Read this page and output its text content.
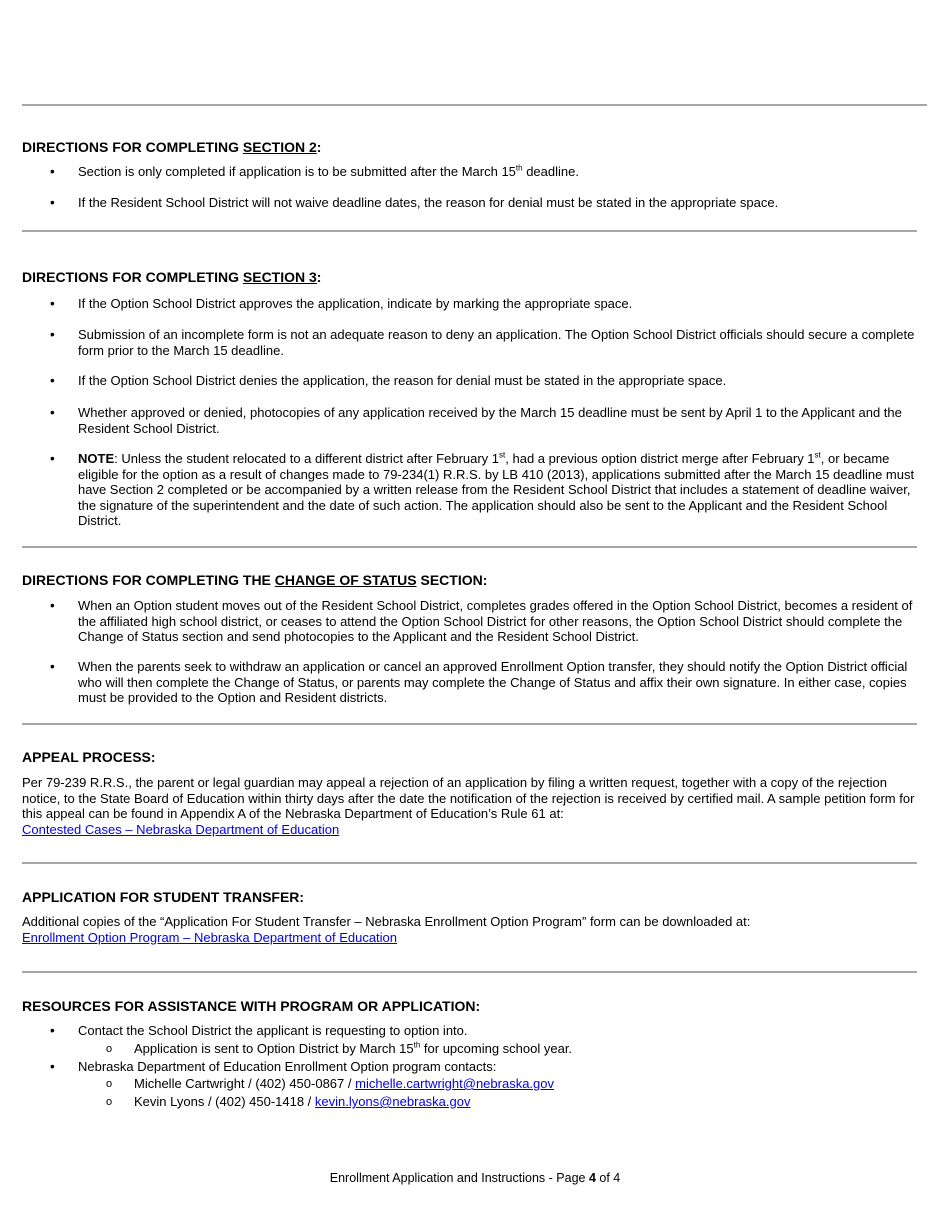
DIRECTIONS FOR COMPLETING SECTION 2:
•	Section is only completed if application is to be submitted after the March 15th deadline.
•	If the Resident School District will not waive deadline dates, the reason for denial must be stated in the appropriate space.
DIRECTIONS FOR COMPLETING SECTION 3:
•	If the Option School District approves the application, indicate by marking the appropriate space.
•	Submission of an incomplete form is not an adequate reason to deny an application. The Option School District officials should secure a complete form prior to the March 15 deadline.
•	If the Option School District denies the application, the reason for denial must be stated in the appropriate space.
•	Whether approved or denied, photocopies of any application received by the March 15 deadline must be sent by April 1 to the Applicant and the Resident School District.
•	NOTE: Unless the student relocated to a different district after February 1st, had a previous option district merge after February 1st, or became eligible for the option as a result of changes made to 79-234(1) R.R.S. by LB 410 (2013), applications submitted after the March 15 deadline must have Section 2 completed or be accompanied by a written release from the Resident School District that includes a statement of deadline waiver, the signature of the superintendent and the date of such action. The application should also be sent to the Applicant and the Resident School District.
DIRECTIONS FOR COMPLETING THE CHANGE OF STATUS SECTION:
•	When an Option student moves out of the Resident School District, completes grades offered in the Option School District, becomes a resident of the affiliated high school district, or ceases to attend the Option School District for other reasons, the Option School District should complete the Change of Status section and send photocopies to the Applicant and the Resident School District.
•	When the parents seek to withdraw an application or cancel an approved Enrollment Option transfer, they should notify the Option District official who will then complete the Change of Status, or parents may complete the Change of Status and affix their own signature. In either case, copies must be provided to the Option and Resident districts.
APPEAL PROCESS:
Per 79-239 R.R.S., the parent or legal guardian may appeal a rejection of an application by filing a written request, together with a copy of the rejection notice, to the State Board of Education within thirty days after the date the notification of the rejection is received by certified mail. A sample petition form for this appeal can be found in Appendix A of the Nebraska Department of Education’s Rule 61 at:
Contested Cases – Nebraska Department of Education
APPLICATION FOR STUDENT TRANSFER:
Additional copies of the “Application For Student Transfer – Nebraska Enrollment Option Program” form can be downloaded at:
Enrollment Option Program – Nebraska Department of Education
RESOURCES FOR ASSISTANCE WITH PROGRAM OR APPLICATION:
•	Contact the School District the applicant is requesting to option into.
o Application is sent to Option District by March 15th for upcoming school year.
•	Nebraska Department of Education Enrollment Option program contacts:
o Michelle Cartwright / (402) 450-0867 / michelle.cartwright@nebraska.gov
o Kevin Lyons / (402) 450-1418 / kevin.lyons@nebraska.gov
Enrollment Application and Instructions - Page 4 of 4
